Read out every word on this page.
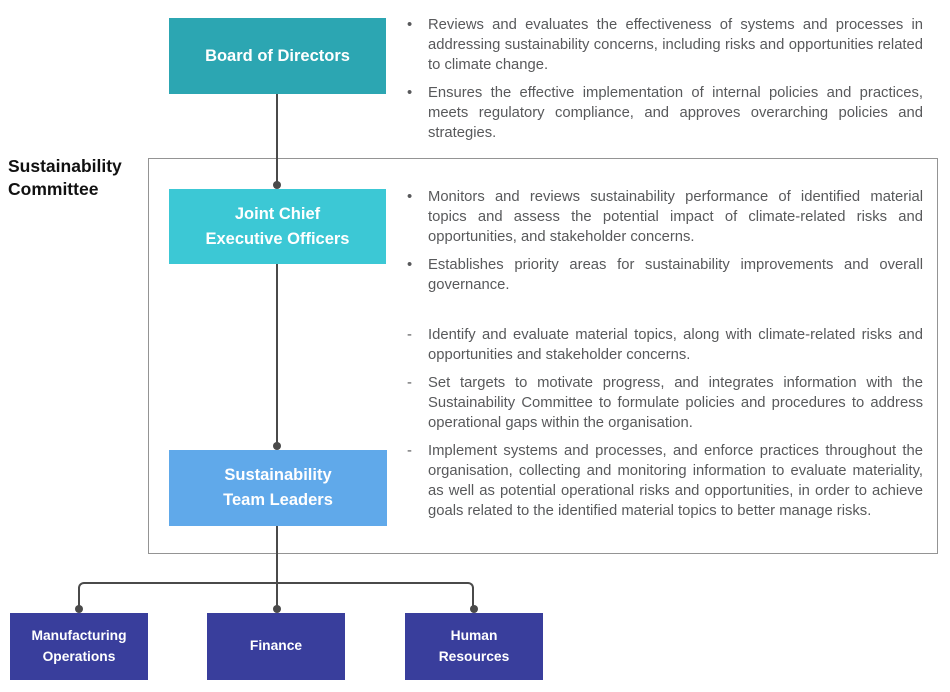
Sustainability Committee
Board of Directors
Joint Chief
Executive Officers
Sustainability
Team Leaders
Manufacturing
Operations
Finance
Human
Resources
•	Reviews and evaluates the effectiveness of systems and processes in addressing sustainability concerns, including risks and opportunities related to climate change.
•	Ensures the effective implementation of internal policies and practices, meets regulatory compliance, and approves overarching policies and strategies.
•	Monitors and reviews sustainability performance of identified material topics and assess the potential impact of climate-related risks and opportunities, and stakeholder concerns.
•	Establishes priority areas for sustainability improvements and overall governance.
-	Identify and evaluate material topics, along with climate-related risks and opportunities and stakeholder concerns.
-	Set targets to motivate progress, and integrates information with the Sustainability Committee to formulate policies and procedures to address operational gaps within the organisation.
-	Implement systems and processes, and enforce practices throughout the organisation, collecting and monitoring information to evaluate materiality, as well as potential operational risks and opportunities, in order to achieve goals related to the identified material topics to better manage risks.
